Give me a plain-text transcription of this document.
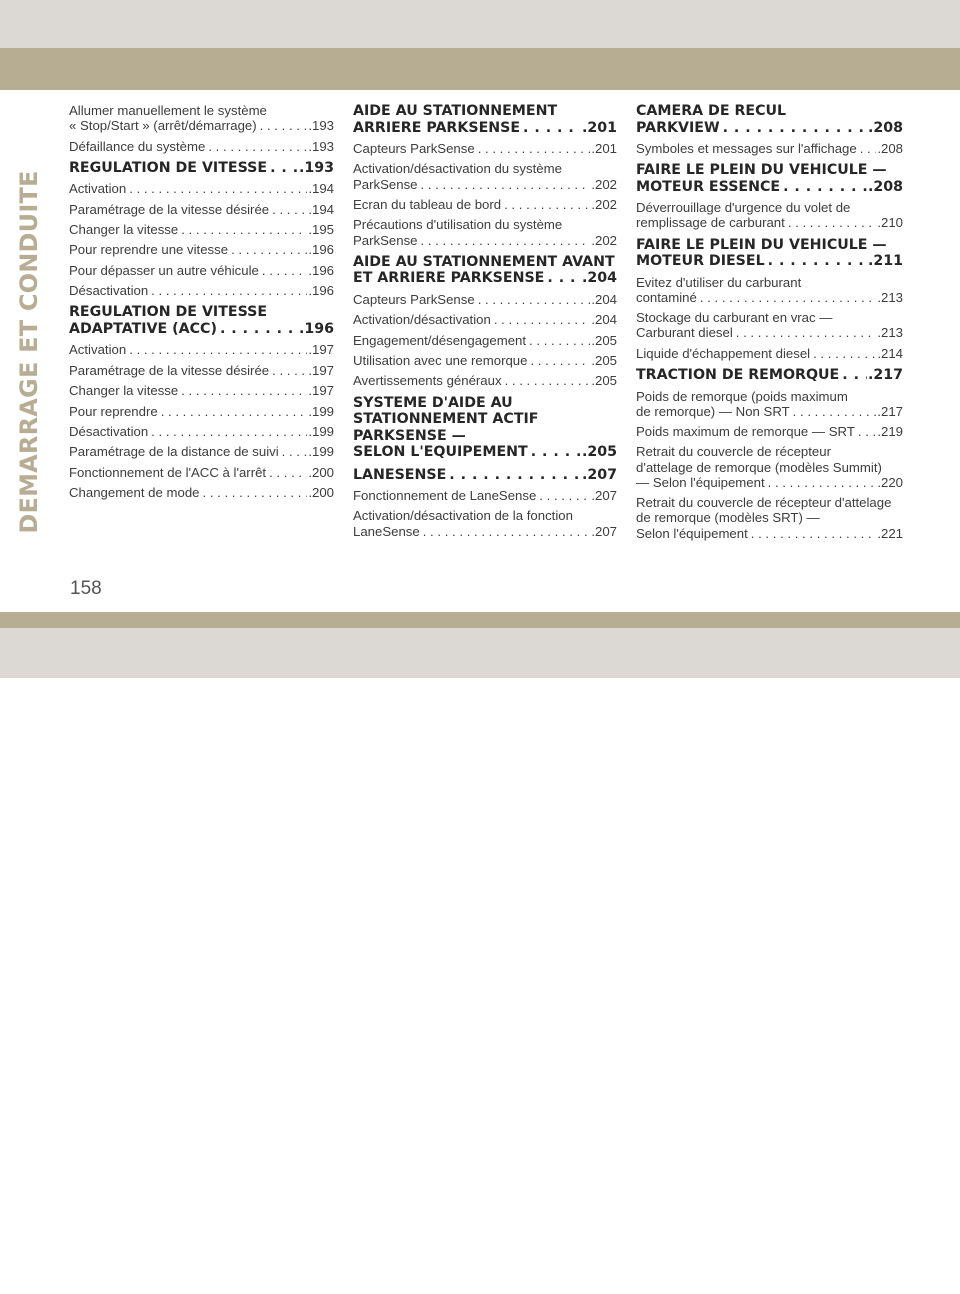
DEMARRAGE ET CONDUITE
Allumer manuellement le système
« Stop/Start » (arrêt/démarrage) . . .	.193
Défaillance du système . . .	.193
REGULATION DE VITESSE . . . .193
Activation . . .	.194
Paramétrage de la vitesse désirée . . .	.194
Changer la vitesse . . .	.195
Pour reprendre une vitesse . . .	.196
Pour dépasser un autre véhicule . . .	.196
Désactivation . . .	.196
REGULATION DE VITESSE
ADAPTATIVE (ACC) . . .	.196
Activation . . .	.197
Paramétrage de la vitesse désirée . . .	.197
Changer la vitesse . . .	.197
Pour reprendre . . .	.199
Désactivation . . .	.199
Paramétrage de la distance de suivi . . . .199
Fonctionnement de l'ACC à l'arrêt . . .	.200
Changement de mode . . .	.200
AIDE AU STATIONNEMENT
ARRIERE PARKSENSE . . .	.201
Capteurs ParkSense . . .	.201
Activation/désactivation du système
ParkSense . . .	.202
Ecran du tableau de bord . . .	.202
Précautions d'utilisation du système
ParkSense . . .	.202
AIDE AU STATIONNEMENT AVANT
ET ARRIERE PARKSENSE . . .	.204
Capteurs ParkSense . . .	.204
Activation/désactivation . . .	.204
Engagement/désengagement . . .	.205
Utilisation avec une remorque . . .	.205
Avertissements généraux . . .	.205
SYSTEME D'AIDE AU
STATIONNEMENT ACTIF
PARKSENSE —
SELON L'EQUIPEMENT . . .	.205
LANESENSE . . .	.207
Fonctionnement de LaneSense . . .	.207
Activation/désactivation de la fonction
LaneSense . . .	.207
CAMERA DE RECUL
PARKVIEW . . .	.208
Symboles et messages sur l'affichage . . . .208
FAIRE LE PLEIN DU VEHICULE —
MOTEUR ESSENCE . . .	.208
Déverrouillage d'urgence du volet de
remplissage de carburant . . .	.210
FAIRE LE PLEIN DU VEHICULE —
MOTEUR DIESEL . . .	.211
Evitez d'utiliser du carburant
contaminé . . .	.213
Stockage du carburant en vrac —
Carburant diesel . . .	.213
Liquide d'échappement diesel . . .	.214
TRACTION DE REMORQUE . . . .217
Poids de remorque (poids maximum
de remorque) — Non SRT . . .	.217
Poids maximum de remorque — SRT . . . .219
Retrait du couvercle de récepteur
d'attelage de remorque (modèles Summit)
— Selon l'équipement . . .	.220
Retrait du couvercle de récepteur d'attelage
de remorque (modèles SRT) —
Selon l'équipement . . .	.221
158
carmanualsonline.info
